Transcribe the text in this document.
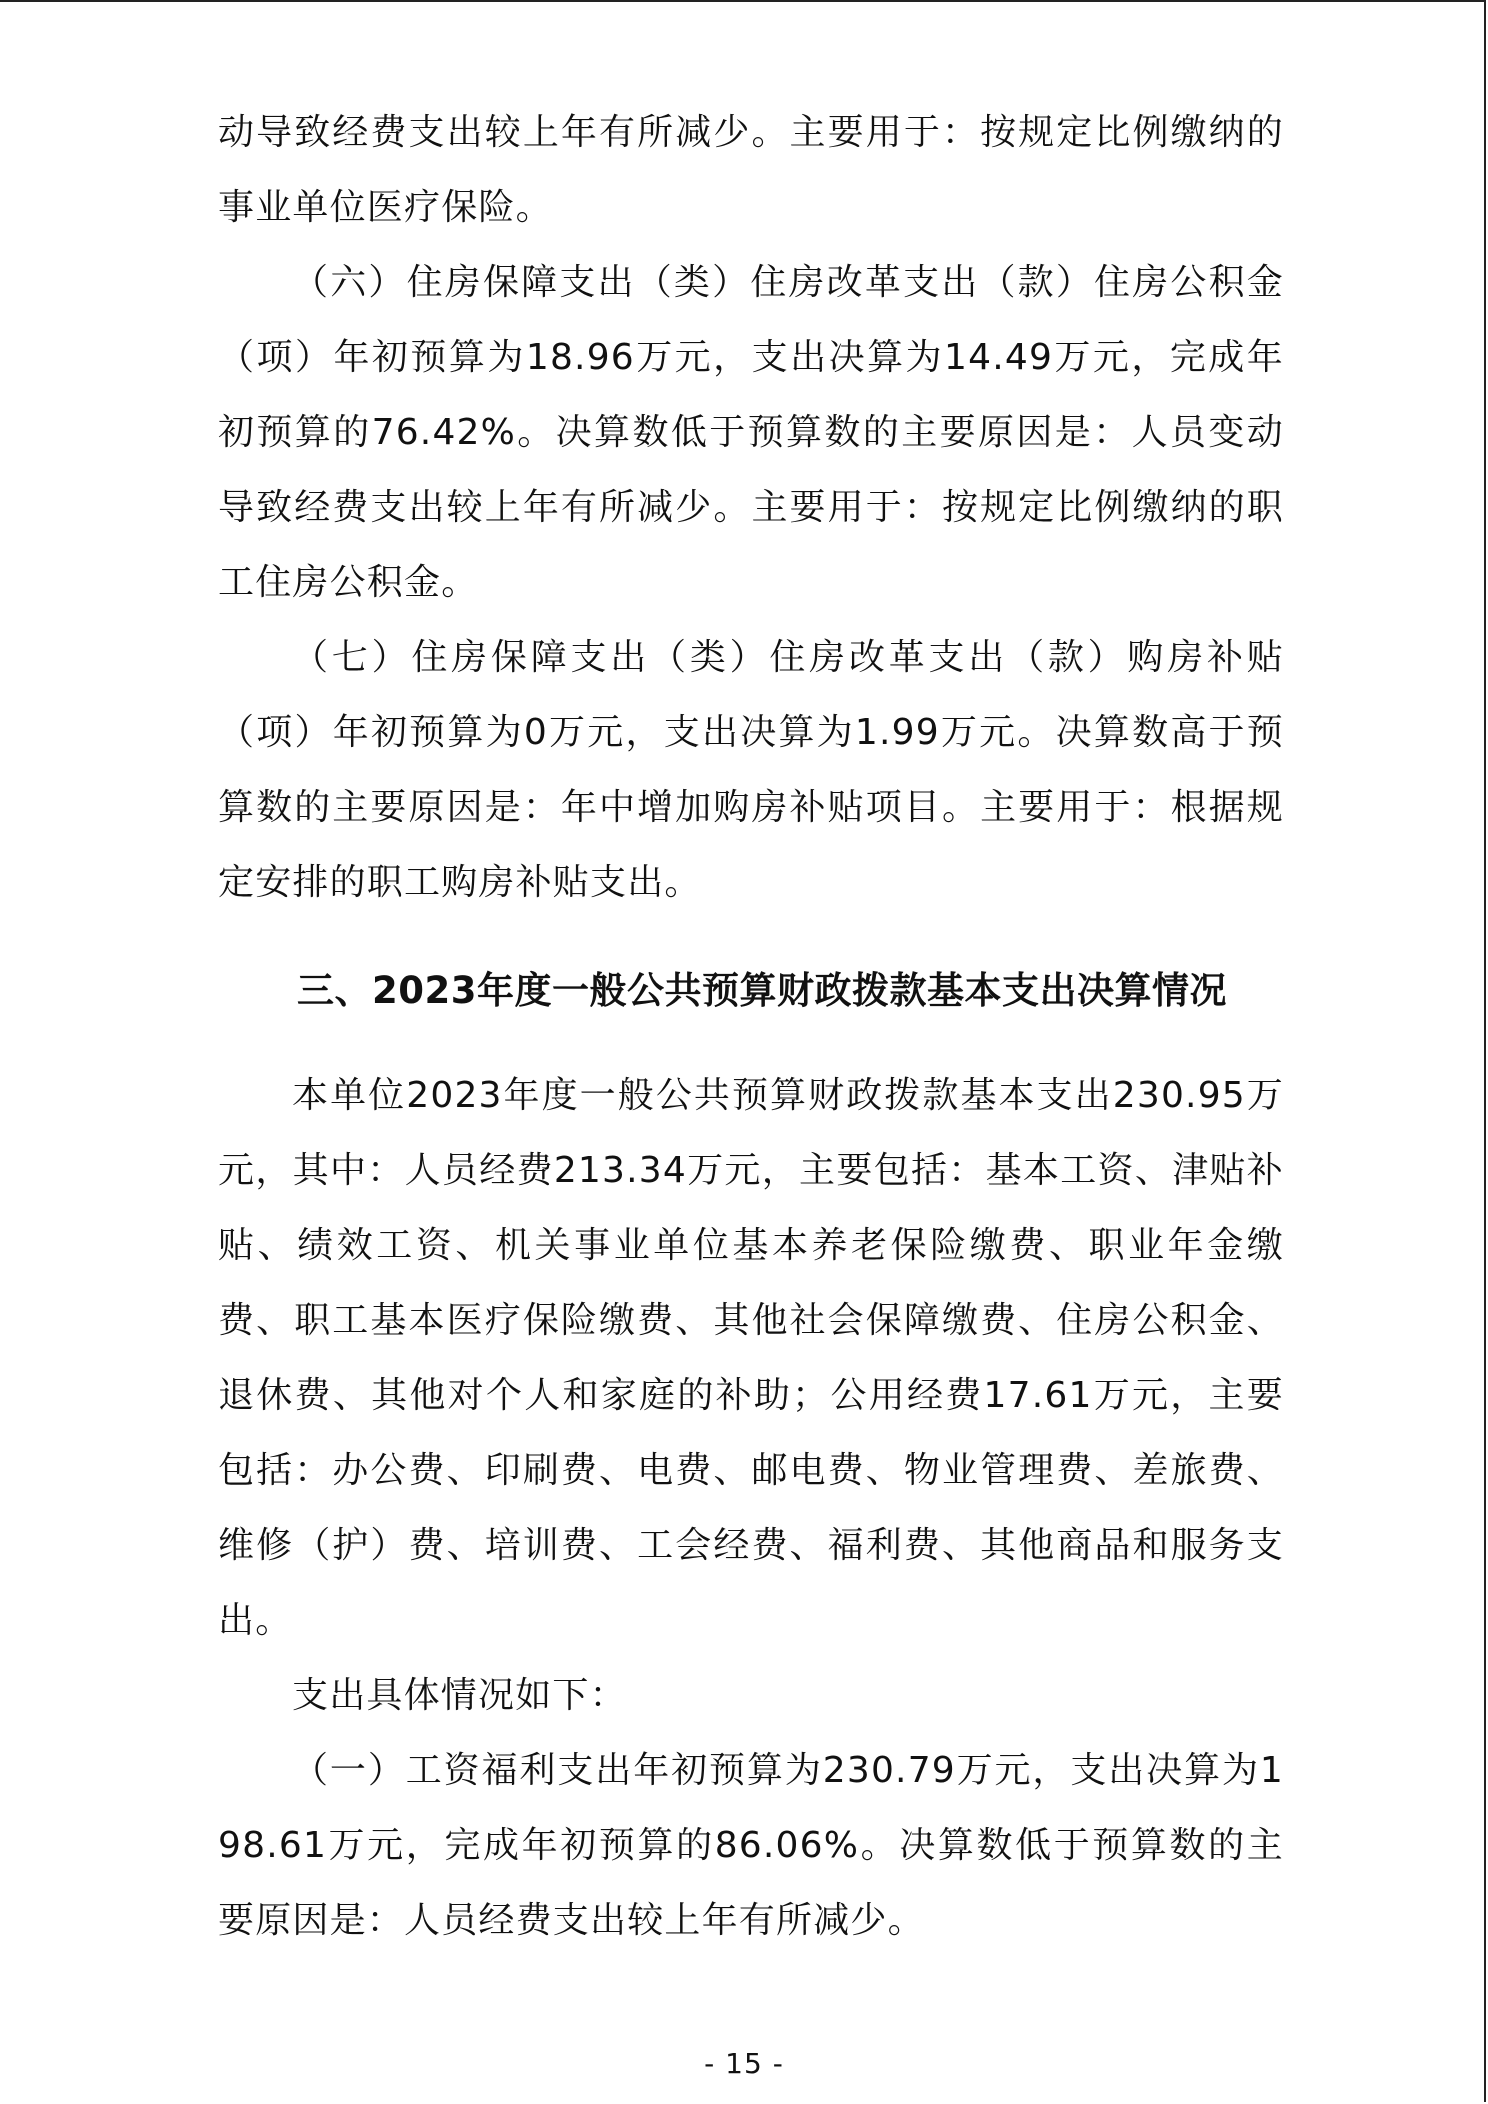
动导致经费支出较上年有所减少。主要用于：按规定比例缴纳的事业单位医疗保险。

（六）住房保障支出（类）住房改革支出（款）住房公积金（项）年初预算为18.96万元，支出决算为14.49万元，完成年初预算的76.42%。决算数低于预算数的主要原因是：人员变动导致经费支出较上年有所减少。主要用于：按规定比例缴纳的职工住房公积金。

（七）住房保障支出（类）住房改革支出（款）购房补贴（项）年初预算为0万元，支出决算为1.99万元。决算数高于预算数的主要原因是：年中增加购房补贴项目。主要用于：根据规定安排的职工购房补贴支出。

三、2023年度一般公共预算财政拨款基本支出决算情况

本单位2023年度一般公共预算财政拨款基本支出230.95万元，其中：人员经费213.34万元，主要包括：基本工资、津贴补贴、绩效工资、机关事业单位基本养老保险缴费、职业年金缴费、职工基本医疗保险缴费、其他社会保障缴费、住房公积金、退休费、其他对个人和家庭的补助；公用经费17.61万元，主要包括：办公费、印刷费、电费、邮电费、物业管理费、差旅费、维修（护）费、培训费、工会经费、福利费、其他商品和服务支出。

支出具体情况如下：

（一）工资福利支出年初预算为230.79万元，支出决算为198.61万元，完成年初预算的86.06%。决算数低于预算数的主要原因是：人员经费支出较上年有所减少。

- 15 -
